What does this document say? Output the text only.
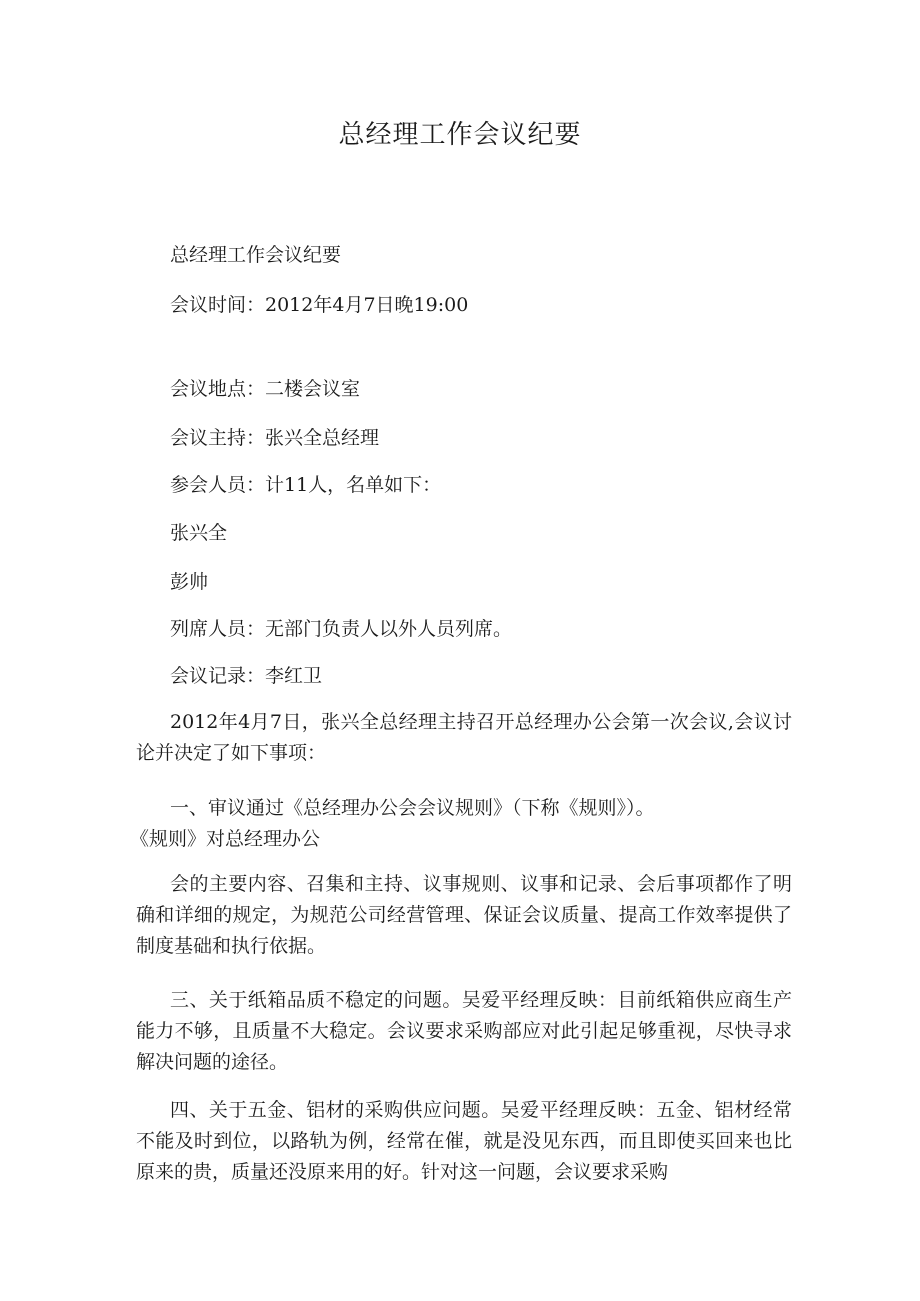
总经理工作会议纪要
总经理工作会议纪要
会议时间：2012年4月7日晚19:00
会议地点：二楼会议室
会议主持：张兴全总经理
参会人员：计11人，名单如下：
张兴全
彭帅
列席人员：无部门负责人以外人员列席。
会议记录：李红卫
2012年4月7日，张兴全总经理主持召开总经理办公会第一次会议,会议讨论并决定了如下事项：
一、审议通过《总经理办公会会议规则》（下称《规则》）。
《规则》对总经理办公
会的主要内容、召集和主持、议事规则、议事和记录、会后事项都作了明确和详细的规定，为规范公司经营管理、保证会议质量、提高工作效率提供了制度基础和执行依据。
三、关于纸箱品质不稳定的问题。吴爱平经理反映：目前纸箱供应商生产能力不够，且质量不大稳定。会议要求采购部应对此引起足够重视，尽快寻求解决问题的途径。
四、关于五金、铝材的采购供应问题。吴爱平经理反映：五金、铝材经常不能及时到位，以路轨为例，经常在催，就是没见东西，而且即使买回来也比原来的贵，质量还没原来用的好。针对这一问题，会议要求采购
